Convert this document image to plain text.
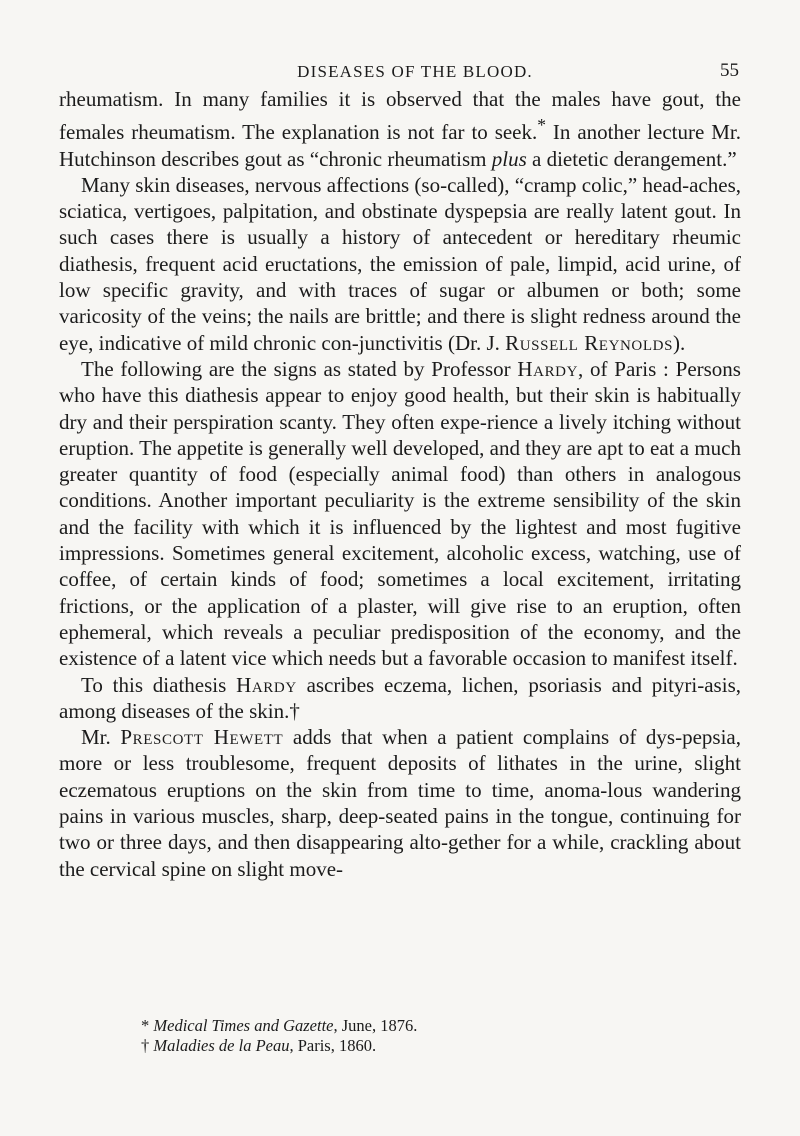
DISEASES OF THE BLOOD.	55

rheumatism. In many families it is observed that the males have gout, the females rheumatism. The explanation is not far to seek.* In another lecture Mr. Hutchinson describes gout as “chronic rheumatism plus a dietetic derangement.”

Many skin diseases, nervous affections (so-called), “cramp colic,” head-aches, sciatica, vertigoes, palpitation, and obstinate dyspepsia are really latent gout. In such cases there is usually a history of antecedent or hereditary rheumic diathesis, frequent acid eructations, the emission of pale, limpid, acid urine, of low specific gravity, and with traces of sugar or albumen or both; some varicosity of the veins; the nails are brittle; and there is slight redness around the eye, indicative of mild chronic con-junctivitis (Dr. J. Russell Reynolds).

The following are the signs as stated by Professor Hardy, of Paris : Persons who have this diathesis appear to enjoy good health, but their skin is habitually dry and their perspiration scanty. They often expe-rience a lively itching without eruption. The appetite is generally well developed, and they are apt to eat a much greater quantity of food (especially animal food) than others in analogous conditions. Another important peculiarity is the extreme sensibility of the skin and the facility with which it is influenced by the lightest and most fugitive impressions. Sometimes general excitement, alcoholic excess, watching, use of coffee, of certain kinds of food; sometimes a local excitement, irritating frictions, or the application of a plaster, will give rise to an eruption, often ephemeral, which reveals a peculiar predisposition of the economy, and the existence of a latent vice which needs but a favorable occasion to manifest itself.

To this diathesis Hardy ascribes eczema, lichen, psoriasis and pityri-asis, among diseases of the skin.†

Mr. Prescott Hewett adds that when a patient complains of dys-pepsia, more or less troublesome, frequent deposits of lithates in the urine, slight eczematous eruptions on the skin from time to time, anoma-lous wandering pains in various muscles, sharp, deep-seated pains in the tongue, continuing for two or three days, and then disappearing alto-gether for a while, crackling about the cervical spine on slight move-

* Medical Times and Gazette, June, 1876.

† Maladies de la Peau, Paris, 1860.
